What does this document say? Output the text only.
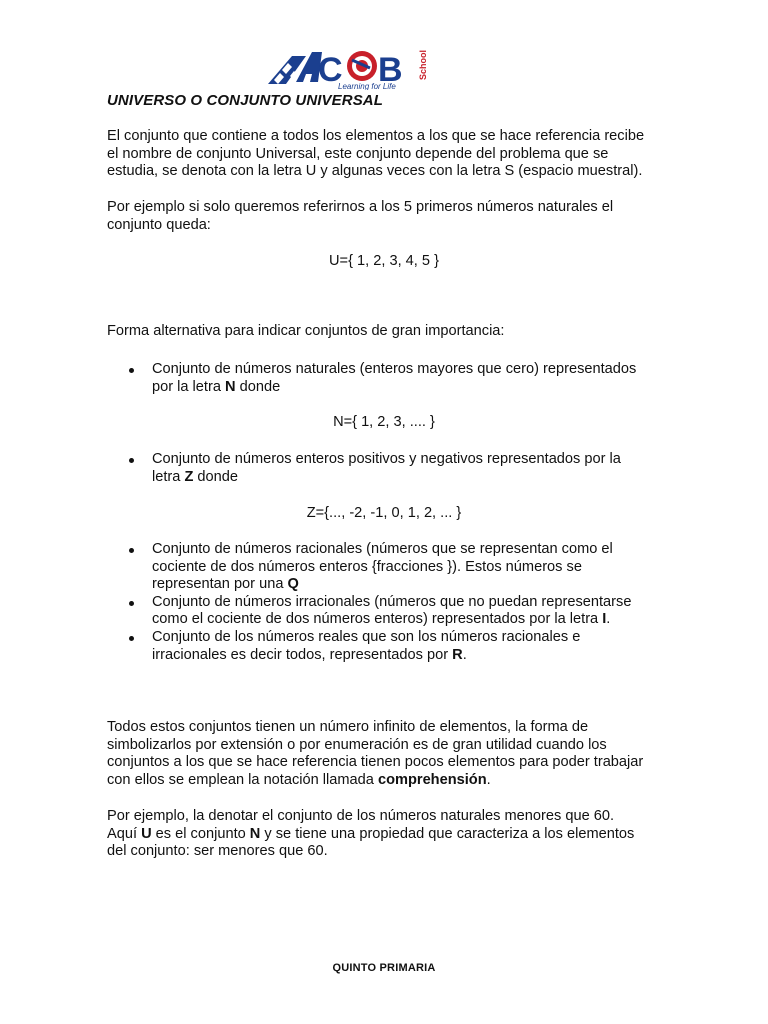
C B School
Learning for Life
UNIVERSO O CONJUNTO UNIVERSAL
El conjunto que contiene a todos los elementos a los que se hace referencia recibe
el nombre de conjunto Universal, este conjunto depende del problema que se
estudia, se denota con la letra U y algunas veces con la letra S (espacio muestral).
Por ejemplo si solo queremos referirnos a los 5 primeros números naturales el
conjunto queda:
U={ 1, 2, 3, 4, 5 }
Forma alternativa para indicar conjuntos de gran importancia:
Conjunto de números naturales (enteros mayores que cero) representados
por la letra N donde
N={ 1, 2, 3, .... }
Conjunto de números enteros positivos y negativos representados por la
letra Z donde
Z={..., -2, -1, 0, 1, 2, ... }
Conjunto de números racionales (números que se representan como el
cociente de dos números enteros {fracciones }). Estos números se
representan por una Q
Conjunto de números irracionales (números que no puedan representarse
como el cociente de dos números enteros) representados por la letra I.
Conjunto de los números reales que son los números racionales e
irracionales es decir todos, representados por R.
Todos estos conjuntos tienen un número infinito de elementos, la forma de
simbolizarlos por extensión o por enumeración es de gran utilidad cuando los
conjuntos a los que se hace referencia tienen pocos elementos para poder trabajar
con ellos se emplean la notación llamada comprehensión.
Por ejemplo, la denotar el conjunto de los números naturales menores que 60.
Aquí U es el conjunto N y se tiene una propiedad que caracteriza a los elementos
del conjunto: ser menores que 60.
QUINTO PRIMARIA
